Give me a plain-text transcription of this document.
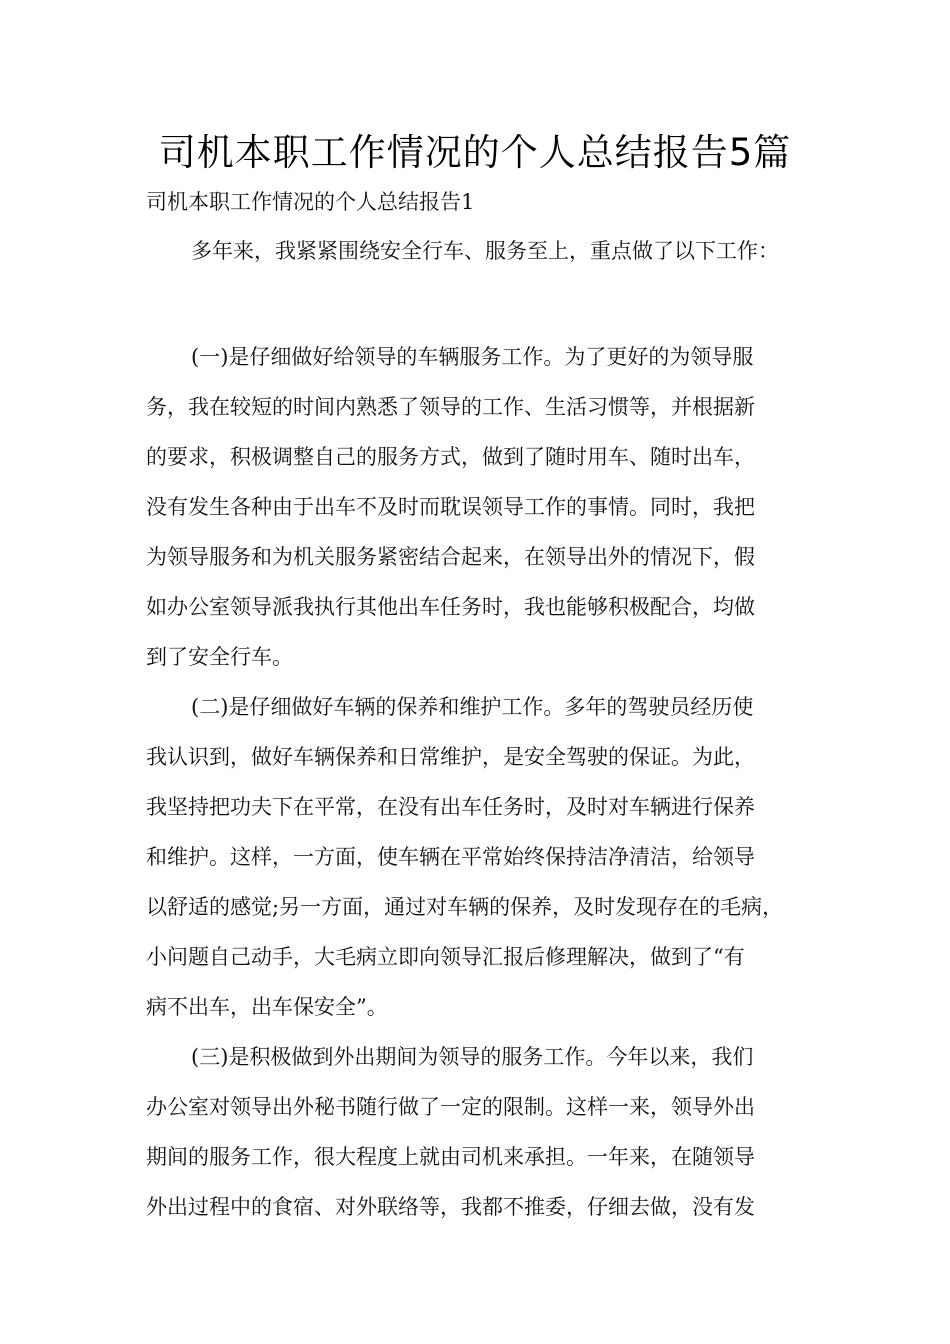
司机本职工作情况的个人总结报告5篇

司机本职工作情况的个人总结报告1

多年来，我紧紧围绕安全行车、服务至上，重点做了以下工作：

(一)是仔细做好给领导的车辆服务工作。为了更好的为领导服
务，我在较短的时间内熟悉了领导的工作、生活习惯等，并根据新
的要求，积极调整自己的服务方式，做到了随时用车、随时出车，
没有发生各种由于出车不及时而耽误领导工作的事情。同时，我把
为领导服务和为机关服务紧密结合起来，在领导出外的情况下，假
如办公室领导派我执行其他出车任务时，我也能够积极配合，均做
到了安全行车。

(二)是仔细做好车辆的保养和维护工作。多年的驾驶员经历使
我认识到，做好车辆保养和日常维护，是安全驾驶的保证。为此，
我坚持把功夫下在平常，在没有出车任务时，及时对车辆进行保养
和维护。这样，一方面，使车辆在平常始终保持洁净清洁，给领导
以舒适的感觉;另一方面，通过对车辆的保养，及时发现存在的毛病，
小问题自己动手，大毛病立即向领导汇报后修理解决，做到了“有
病不出车，出车保安全”。

(三)是积极做到外出期间为领导的服务工作。今年以来，我们
办公室对领导出外秘书随行做了一定的限制。这样一来，领导外出
期间的服务工作，很大程度上就由司机来承担。一年来，在随领导
外出过程中的食宿、对外联络等，我都不推委，仔细去做，没有发
